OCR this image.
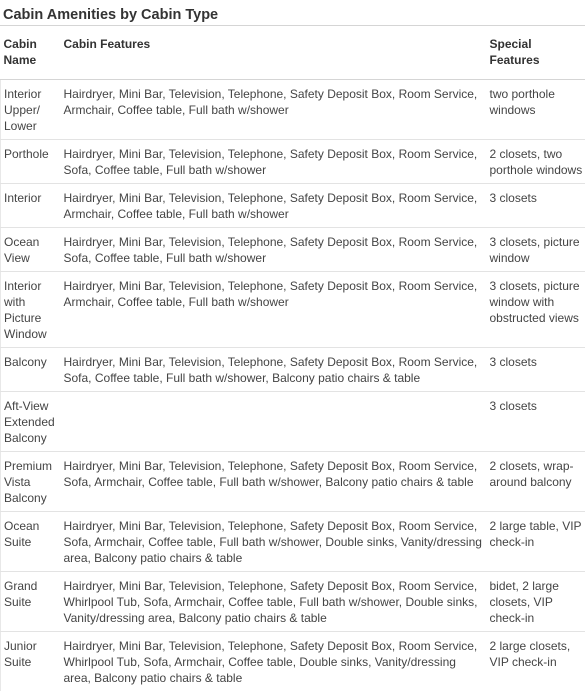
Cabin Amenities by Cabin Type
Cabin Name	Cabin Features	Special Features
Interior Upper/ Lower	Hairdryer, Mini Bar, Television, Telephone, Safety Deposit Box, Room Service, Armchair, Coffee table, Full bath w/shower	two porthole windows
Porthole	Hairdryer, Mini Bar, Television, Telephone, Safety Deposit Box, Room Service, Sofa, Coffee table, Full bath w/shower	2 closets, two porthole windows
Interior	Hairdryer, Mini Bar, Television, Telephone, Safety Deposit Box, Room Service, Armchair, Coffee table, Full bath w/shower	3 closets
Ocean View	Hairdryer, Mini Bar, Television, Telephone, Safety Deposit Box, Room Service, Sofa, Coffee table, Full bath w/shower	3 closets, picture window
Interior with Picture Window	Hairdryer, Mini Bar, Television, Telephone, Safety Deposit Box, Room Service, Armchair, Coffee table, Full bath w/shower	3 closets, picture window with obstructed views
Balcony	Hairdryer, Mini Bar, Television, Telephone, Safety Deposit Box, Room Service, Sofa, Coffee table, Full bath w/shower, Balcony patio chairs & table	3 closets
Aft-View Extended Balcony		3 closets
Premium Vista Balcony	Hairdryer, Mini Bar, Television, Telephone, Safety Deposit Box, Room Service, Sofa, Armchair, Coffee table, Full bath w/shower, Balcony patio chairs & table	2 closets, wrap-around balcony
Ocean Suite	Hairdryer, Mini Bar, Television, Telephone, Safety Deposit Box, Room Service, Sofa, Armchair, Coffee table, Full bath w/shower, Double sinks, Vanity/dressing area, Balcony patio chairs & table	2 large table, VIP check-in
Grand Suite	Hairdryer, Mini Bar, Television, Telephone, Safety Deposit Box, Room Service, Whirlpool Tub, Sofa, Armchair, Coffee table, Full bath w/shower, Double sinks, Vanity/dressing area, Balcony patio chairs & table	bidet, 2 large closets, VIP check-in
Junior Suite	Hairdryer, Mini Bar, Television, Telephone, Safety Deposit Box, Room Service, Whirlpool Tub, Sofa, Armchair, Coffee table, Double sinks, Vanity/dressing area, Balcony patio chairs & table	2 large closets, VIP check-in
